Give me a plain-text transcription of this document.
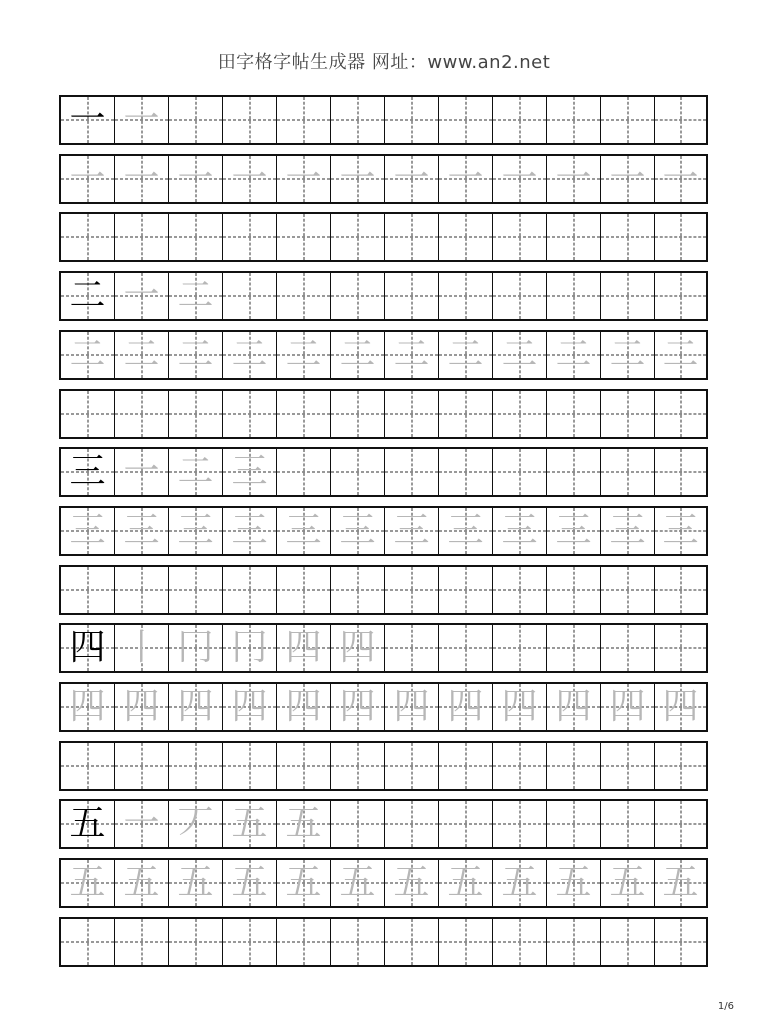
田字格字帖生成器 网址：www.an2.net
一 一
一 一 一 一 一 一 一 一 一 一 一 一
二 一 二
二 二 二 二 二 二 二 二 二 二 二 二
三 一 二 三
三 三 三 三 三 三 三 三 三 三 三 三
四 丨 冂 冂 四 四
四 四 四 四 四 四 四 四 四 四 四 四
五 一 丆 五 五
五 五 五 五 五 五 五 五 五 五 五 五
1/6
